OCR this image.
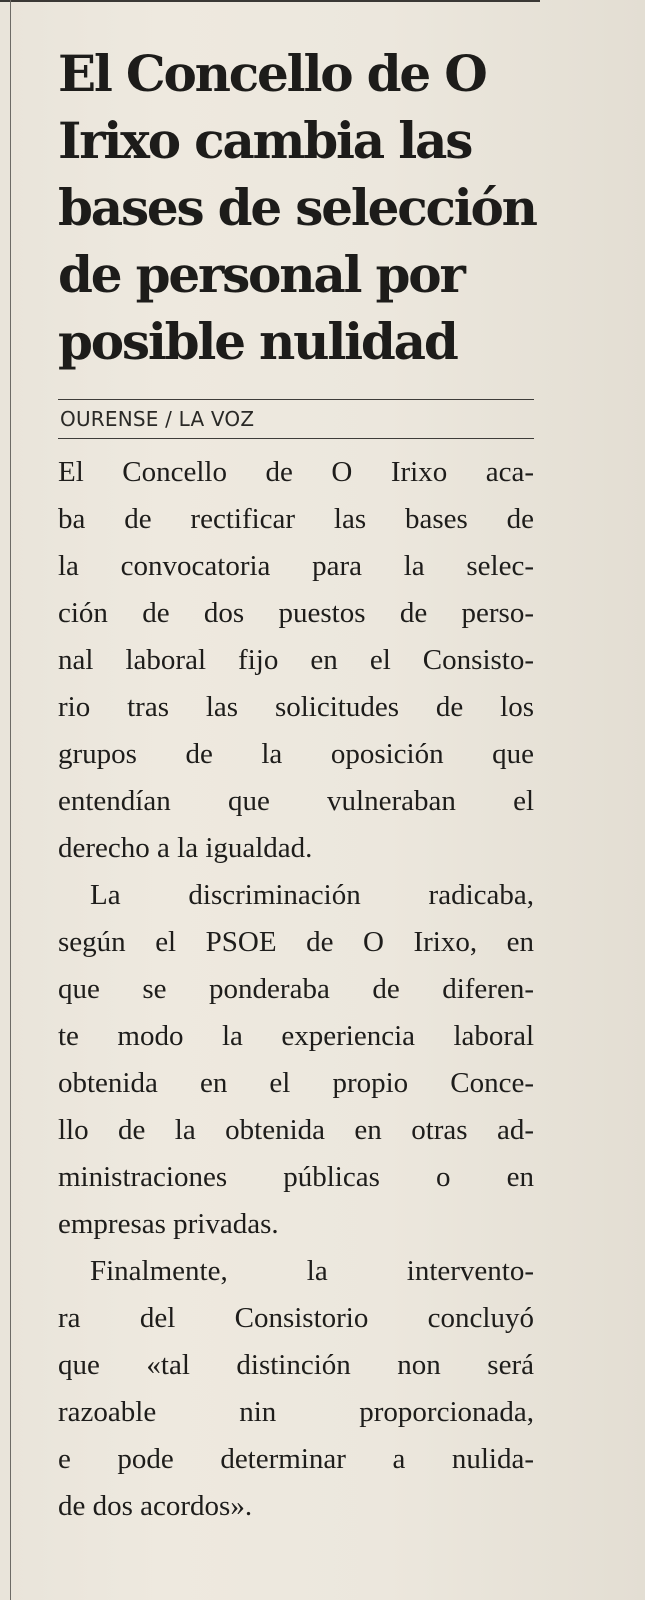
El Concello de O
Irixo cambia las
bases de selección
de personal por
posible nulidad
OURENSE / LA VOZ

El Concello de O Irixo aca-
ba de rectificar las bases de
la convocatoria para la selec-
ción de dos puestos de perso-
nal laboral fijo en el Consisto-
rio tras las solicitudes de los
grupos de la oposición que
entendían que vulneraban el
derecho a la igualdad.

La discriminación radicaba,
según el PSOE de O Irixo, en
que se ponderaba de diferen-
te modo la experiencia laboral
obtenida en el propio Conce-
llo de la obtenida en otras ad-
ministraciones públicas o en
empresas privadas.

Finalmente, la intervento-
ra del Consistorio concluyó
que «tal distinción non será
razoable nin proporcionada,
e pode determinar a nulida-
de dos acordos».
